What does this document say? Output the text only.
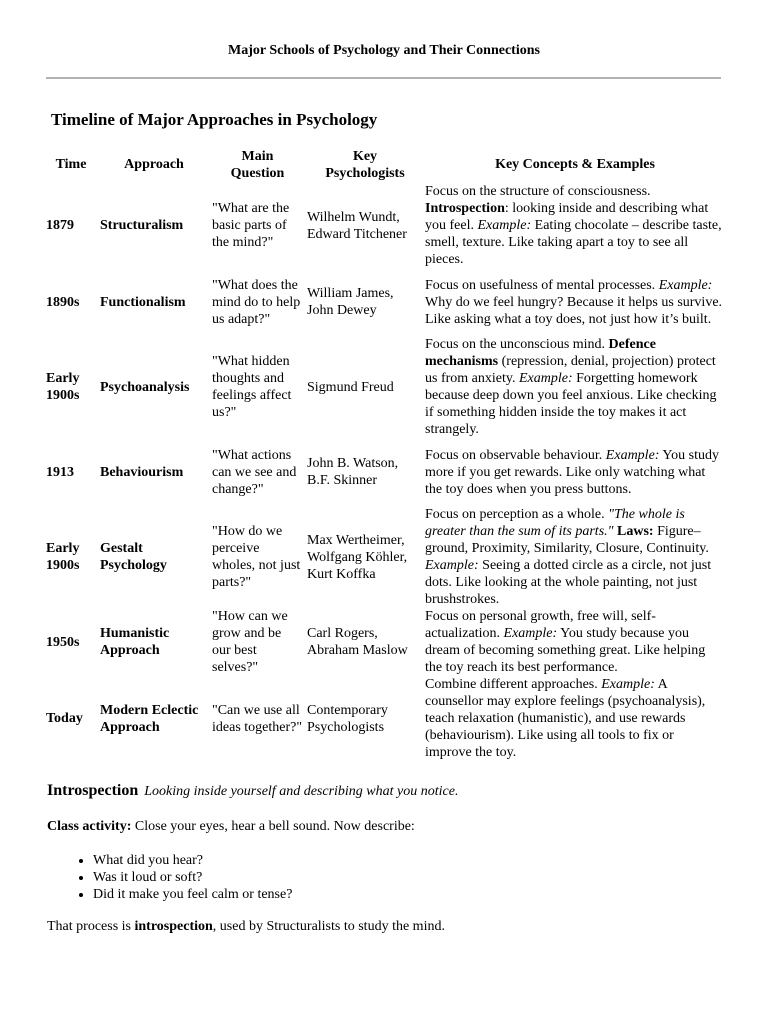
Major Schools of Psychology and Their Connections
Timeline of Major Approaches in Psychology
Time	Approach	Main Question	Key Psychologists	Key Concepts & Examples
1879	Structuralism	"What are the basic parts of the mind?"	Wilhelm Wundt, Edward Titchener	Focus on the structure of consciousness. Introspection: looking inside and describing what you feel. Example: Eating chocolate – describe taste, smell, texture. Like taking apart a toy to see all pieces.
1890s	Functionalism	"What does the mind do to help us adapt?"	William James, John Dewey	Focus on usefulness of mental processes. Example: Why do we feel hungry? Because it helps us survive. Like asking what a toy does, not just how it’s built.
Early 1900s	Psychoanalysis	"What hidden thoughts and feelings affect us?"	Sigmund Freud	Focus on the unconscious mind. Defence mechanisms (repression, denial, projection) protect us from anxiety. Example: Forgetting homework because deep down you feel anxious. Like checking if something hidden inside the toy makes it act strangely.
1913	Behaviourism	"What actions can we see and change?"	John B. Watson, B.F. Skinner	Focus on observable behaviour. Example: You study more if you get rewards. Like only watching what the toy does when you press buttons.
Early 1900s	Gestalt Psychology	"How do we perceive wholes, not just parts?"	Max Wertheimer, Wolfgang Köhler, Kurt Koffka	Focus on perception as a whole. "The whole is greater than the sum of its parts." Laws: Figure–ground, Proximity, Similarity, Closure, Continuity. Example: Seeing a dotted circle as a circle, not just dots. Like looking at the whole painting, not just brushstrokes.
1950s	Humanistic Approach	"How can we grow and be our best selves?"	Carl Rogers, Abraham Maslow	Focus on personal growth, free will, self-actualization. Example: You study because you dream of becoming something great. Like helping the toy reach its best performance.
Today	Modern Eclectic Approach	"Can we use all ideas together?"	Contemporary Psychologists	Combine different approaches. Example: A counsellor may explore feelings (psychoanalysis), teach relaxation (humanistic), and use rewards (behaviourism). Like using all tools to fix or improve the toy.
Introspection Looking inside yourself and describing what you notice.
Class activity: Close your eyes, hear a bell sound. Now describe:
• What did you hear?
• Was it loud or soft?
• Did it make you feel calm or tense?
That process is introspection, used by Structuralists to study the mind.
